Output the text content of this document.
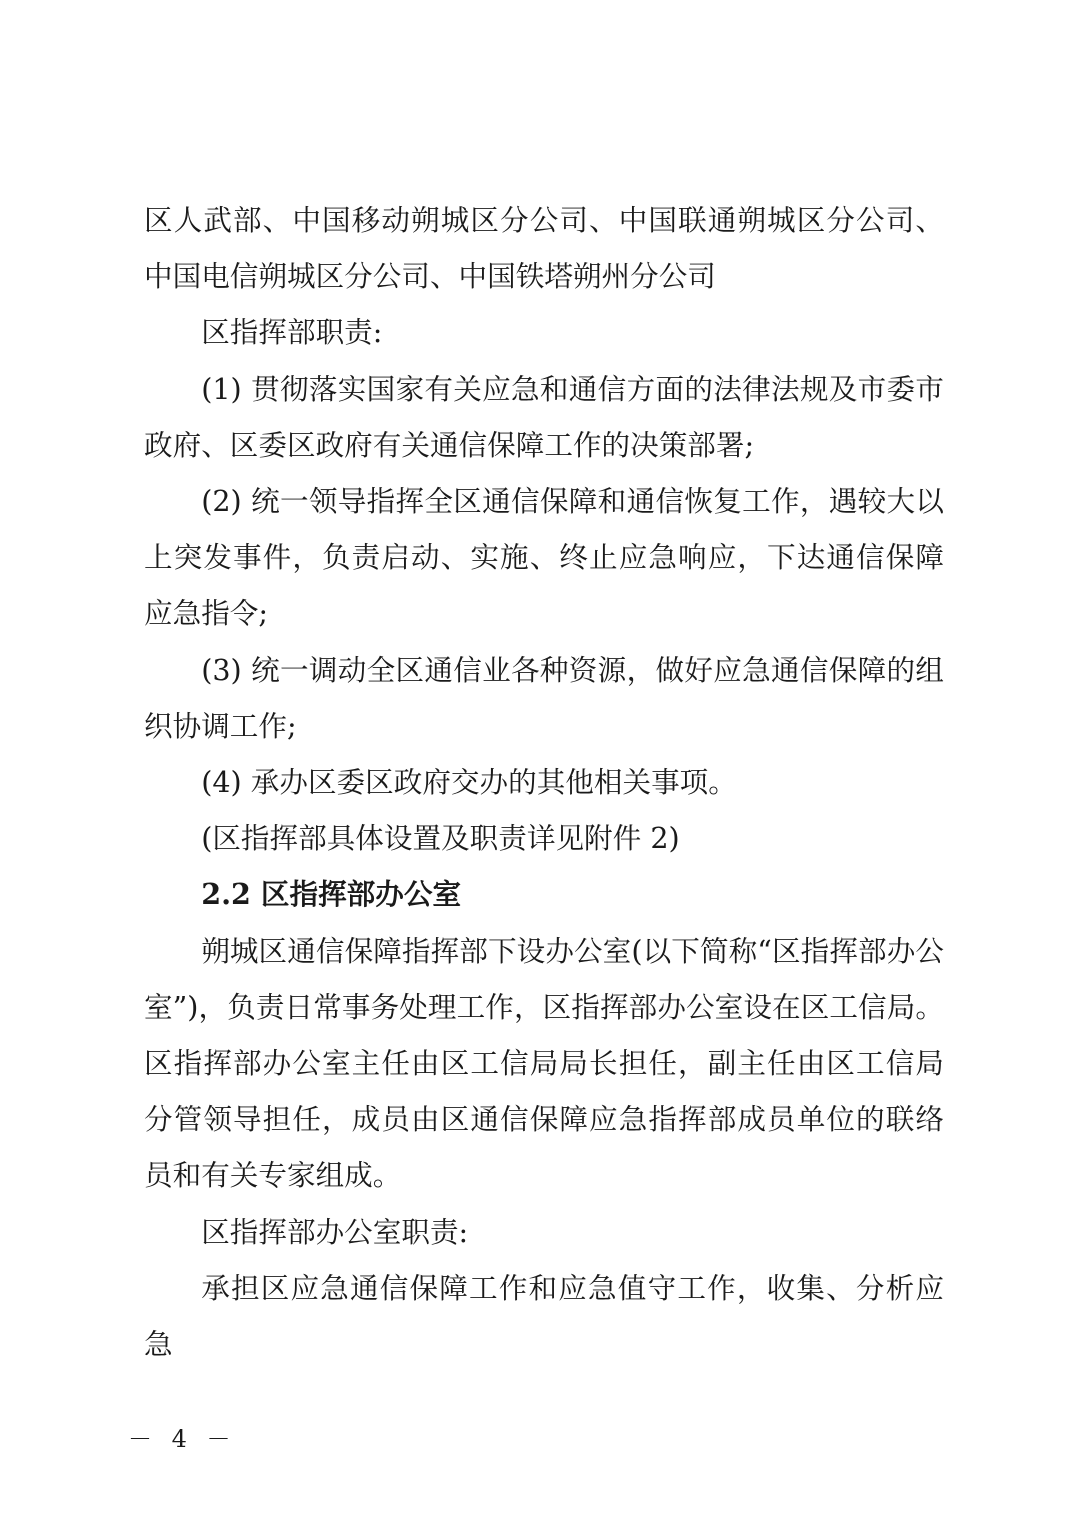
区人武部、中国移动朔城区分公司、中国联通朔城区分公司、中国电信朔城区分公司、中国铁塔朔州分公司

区指挥部职责:

(1) 贯彻落实国家有关应急和通信方面的法律法规及市委市政府、区委区政府有关通信保障工作的决策部署;

(2) 统一领导指挥全区通信保障和通信恢复工作，遇较大以上突发事件，负责启动、实施、终止应急响应，下达通信保障应急指令;

(3) 统一调动全区通信业各种资源，做好应急通信保障的组织协调工作;

(4) 承办区委区政府交办的其他相关事项。

(区指挥部具体设置及职责详见附件 2)

2.2 区指挥部办公室

朔城区通信保障指挥部下设办公室(以下简称“区指挥部办公室”)，负责日常事务处理工作，区指挥部办公室设在区工信局。区指挥部办公室主任由区工信局局长担任，副主任由区工信局分管领导担任，成员由区通信保障应急指挥部成员单位的联络员和有关专家组成。

区指挥部办公室职责:

承担区应急通信保障工作和应急值守工作，收集、分析应急

－ 4 －
